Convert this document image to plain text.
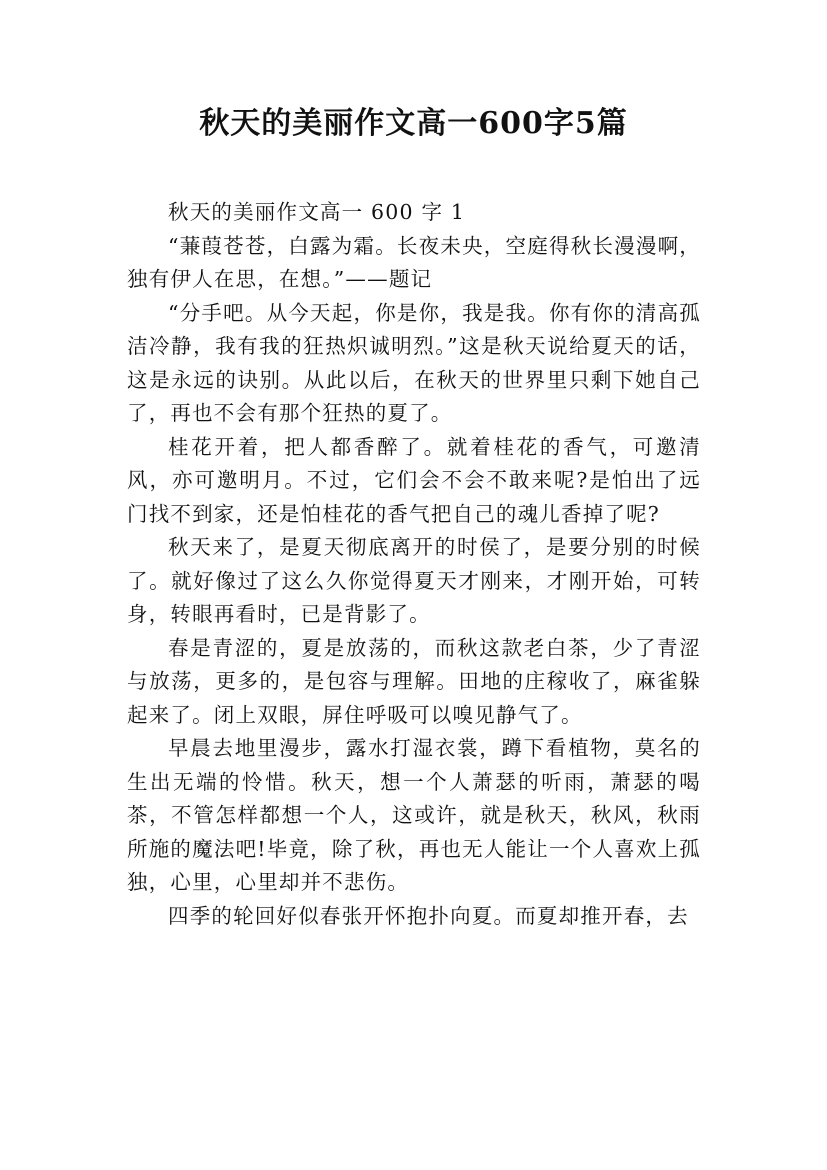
秋天的美丽作文高一600字5篇

秋天的美丽作文高一 600 字 1

“蒹葭苍苍，白露为霜。长夜未央，空庭得秋长漫漫啊，独有伊人在思，在想。”——题记

“分手吧。从今天起，你是你，我是我。你有你的清高孤洁冷静，我有我的狂热炽诚明烈。”这是秋天说给夏天的话，这是永远的诀别。从此以后，在秋天的世界里只剩下她自己了，再也不会有那个狂热的夏了。

桂花开着，把人都香醉了。就着桂花的香气，可邀清风，亦可邀明月。不过，它们会不会不敢来呢?是怕出了远门找不到家，还是怕桂花的香气把自己的魂儿香掉了呢?

秋天来了，是夏天彻底离开的时侯了，是要分别的时候了。就好像过了这么久你觉得夏天才刚来，才刚开始，可转身，转眼再看时，已是背影了。

春是青涩的，夏是放荡的，而秋这款老白茶，少了青涩与放荡，更多的，是包容与理解。田地的庄稼收了，麻雀躲起来了。闭上双眼，屏住呼吸可以嗅见静气了。

早晨去地里漫步，露水打湿衣裳，蹲下看植物，莫名的生出无端的怜惜。秋天，想一个人萧瑟的听雨，萧瑟的喝茶，不管怎样都想一个人，这或许，就是秋天，秋风，秋雨所施的魔法吧!毕竟，除了秋，再也无人能让一个人喜欢上孤独，心里，心里却并不悲伤。

四季的轮回好似春张开怀抱扑向夏。而夏却推开春，去
